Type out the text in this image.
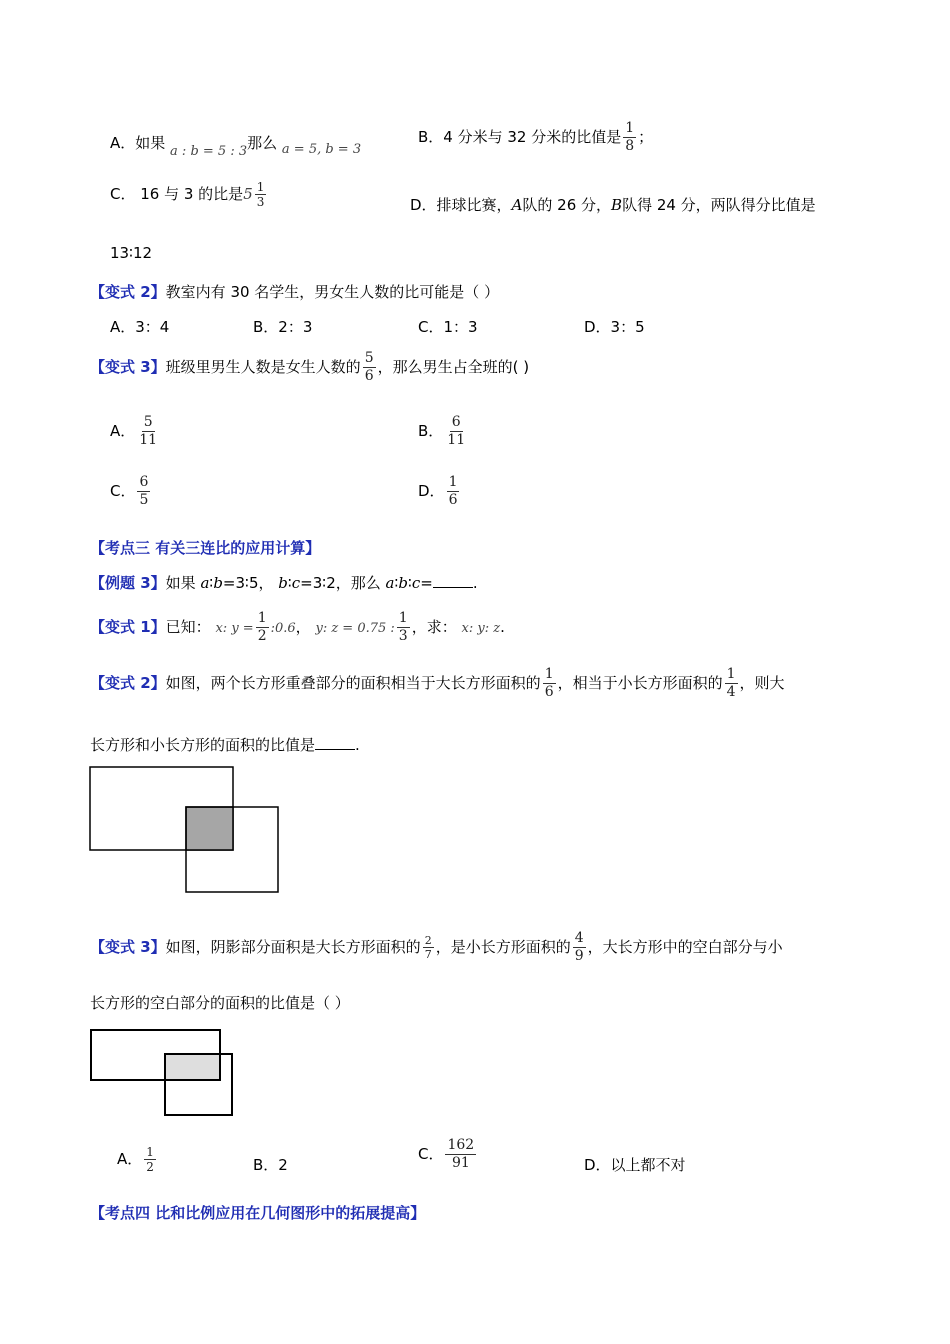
A．如果 a : b = 5 : 3那么 a = 5, b = 3
B．4 分米与 32 分米的比值是 $\frac{1}{8}$ ；
C． 16 与 3 的比是$5 \frac{1}{3}$	D．排球比赛，A队的 26 分，B队得 24 分，两队得分比值是
13∶12
【变式 2】教室内有 30 名学生，男女生人数的比可能是（ ）
A．3：4	B．2：3	C．1：3	D．3：5
【变式 3】班级里男生人数是女生人数的 $\frac{5}{6}$ ，那么男生占全班的( )
A． $\frac{5}{11}$	B． $\frac{6}{11}$
C． $\frac{6}{5}$	D． $\frac{1}{6}$
【考点三 有关三连比的应用计算】
【例题 3】如果 a∶b=3∶5， b∶c=3∶2，那么 a∶b∶c=	.
【变式 1】已知： x: $y = \frac{1}{2}$ :0.6， y: z = 0.75 : $\frac{1}{3}$ ，求： x: y: z.
【变式 2】如图，两个长方形重叠部分的面积相当于大长方形面积的 $\frac{1}{6}$ ，相当于小长方形面积的 $\frac{1}{4}$ ，则大
长方形和小长方形的面积的比值是	.
【变式 3】如图，阴影部分面积是大长方形面积的 $\frac{2}{7}$ ，是小长方形面积的 $\frac{4}{9}$ ，大长方形中的空白部分与小
长方形的空白部分的面积的比值是（ ）
A． $\frac{1}{2}$	B．2
C． $\frac{162}{91}$	D．以上都不对
【考点四 比和比例应用在几何图形中的拓展提高】
